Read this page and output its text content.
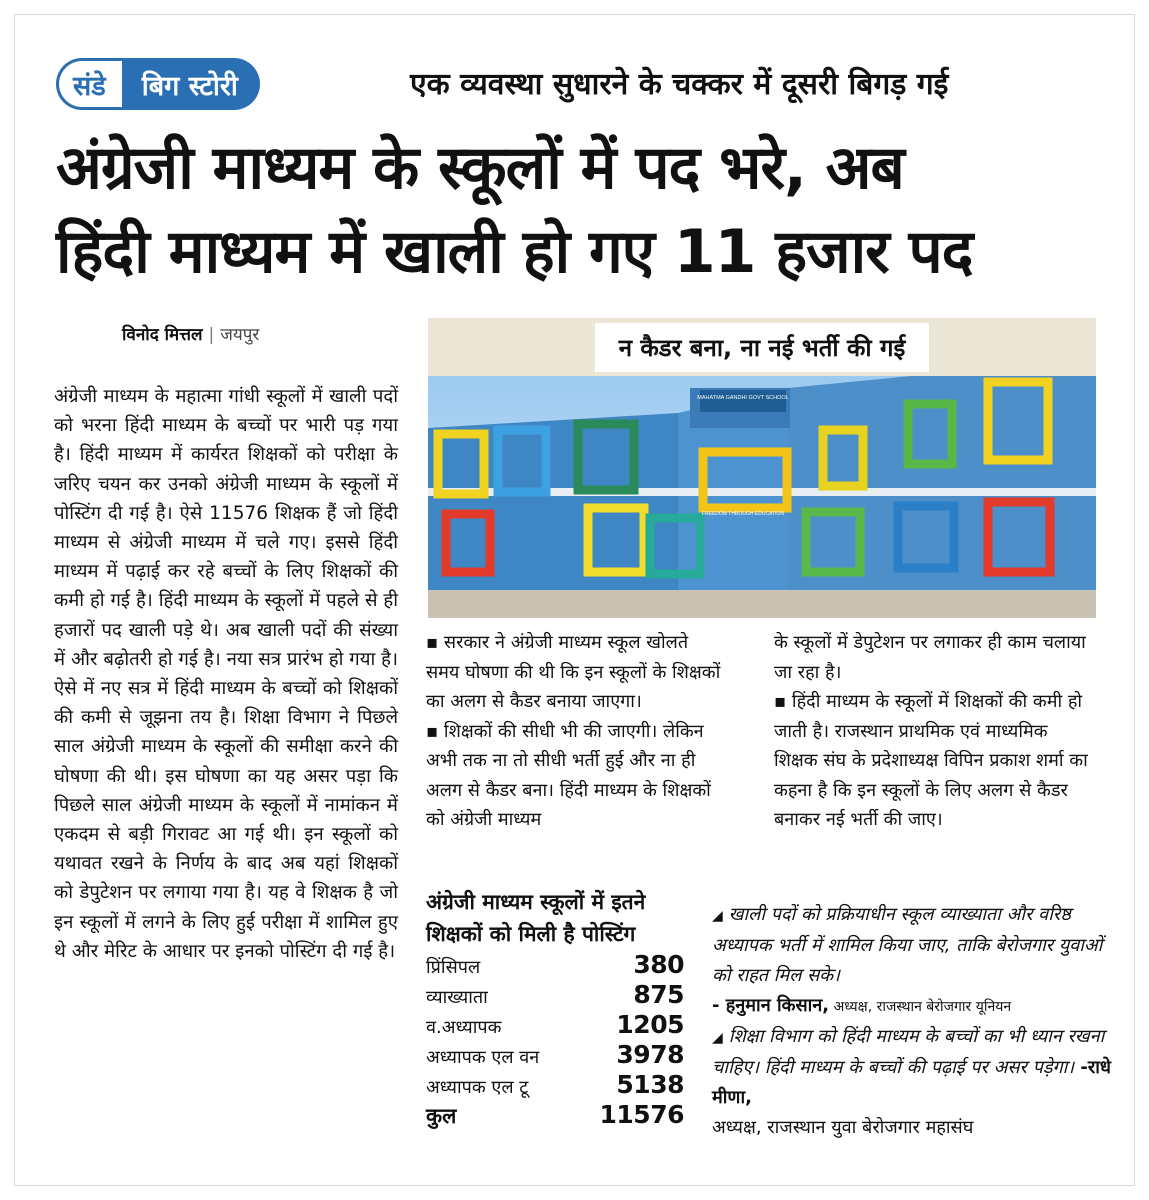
संडे	बिग स्टोरी	एक व्यवस्था सुधारने के चक्कर में दूसरी बिगड़ गई
अंग्रेजी माध्यम के स्कूलों में पद भरे, अब
हिंदी माध्यम में खाली हो गए 11 हजार पद
विनोद मित्तल | जयपुर
अंग्रेजी माध्यम के महात्मा गांधी स्कूलों में खाली पदों को भरना हिंदी माध्यम के बच्चों पर भारी पड़ गया है। हिंदी माध्यम में कार्यरत शिक्षकों को परीक्षा के जरिए चयन कर उनको अंग्रेजी माध्यम के स्कूलों में पोस्टिंग दी गई है। ऐसे 11576 शिक्षक हैं जो हिंदी माध्यम से अंग्रेजी माध्यम में चले गए। इससे हिंदी माध्यम में पढ़ाई कर रहे बच्चों के लिए शिक्षकों की कमी हो गई है। हिंदी माध्यम के स्कूलों में पहले से ही हजारों पद खाली पड़े थे। अब खाली पदों की संख्या में और बढ़ोतरी हो गई है। नया सत्र प्रारंभ हो गया है। ऐसे में नए सत्र में हिंदी माध्यम के बच्चों को शिक्षकों की कमी से जूझना तय है। शिक्षा विभाग ने पिछले साल अंग्रेजी माध्यम के स्कूलों की समीक्षा करने की घोषणा की थी। इस घोषणा का यह असर पड़ा कि पिछले साल अंग्रेजी माध्यम के स्कूलों में नामांकन में एकदम से बड़ी गिरावट आ गई थी। इन स्कूलों को यथावत रखने के निर्णय के बाद अब यहां शिक्षकों को डेपुटेशन पर लगाया गया है। यह वे शिक्षक है जो इन स्कूलों में लगने के लिए हुई परीक्षा में शामिल हुए थे और मेरिट के आधार पर इनको पोस्टिंग दी गई है।
MAHATMA GANDHI GOVT SCHOOL
FREEDOM THROUGH EDUCATION
न कैडर बना, ना नई भर्ती की गई

▪ सरकार ने अंग्रेजी माध्यम स्कूल खोलते समय घोषणा की थी कि इन स्कूलों के शिक्षकों का अलग से कैडर बनाया जाएगा।

▪ शिक्षकों की सीधी भी की जाएगी। लेकिन अभी तक ना तो सीधी भर्ती हुई और ना ही अलग से कैडर बना। हिंदी माध्यम के शिक्षकों को अंग्रेजी माध्यम

के स्कूलों में डेपुटेशन पर लगाकर ही काम चलाया जा रहा है।

▪ हिंदी माध्यम के स्कूलों में शिक्षकों की कमी हो जाती है। राजस्थान प्राथमिक एवं माध्यमिक शिक्षक संघ के प्रदेशाध्यक्ष विपिन प्रकाश शर्मा का कहना है कि इन स्कूलों के लिए अलग से कैडर बनाकर नई भर्ती की जाए।

अंग्रेजी माध्यम स्कूलों में इतने
शिक्षकों को मिली है पोस्टिंग
प्रिंसिपल	380
व्याख्याता	875
व.अध्यापक	1205
अध्यापक एल वन	3978
अध्यापक एल टू	5138
कुल	11576

◢ खाली पदों को प्रक्रियाधीन स्कूल व्याख्याता और वरिष्ठ अध्यापक भर्ती में शामिल किया जाए, ताकि बेरोजगार युवाओं को राहत मिल सके।

- हनुमान किसान, अध्यक्ष, राजस्थान बेरोजगार यूनियन

◢ शिक्षा विभाग को हिंदी माध्यम के बच्चों का भी ध्यान रखना चाहिए। हिंदी माध्यम के बच्चों की पढ़ाई पर असर पड़ेगा। -राधे मीणा,

अध्यक्ष, राजस्थान युवा बेरोजगार महासंघ
